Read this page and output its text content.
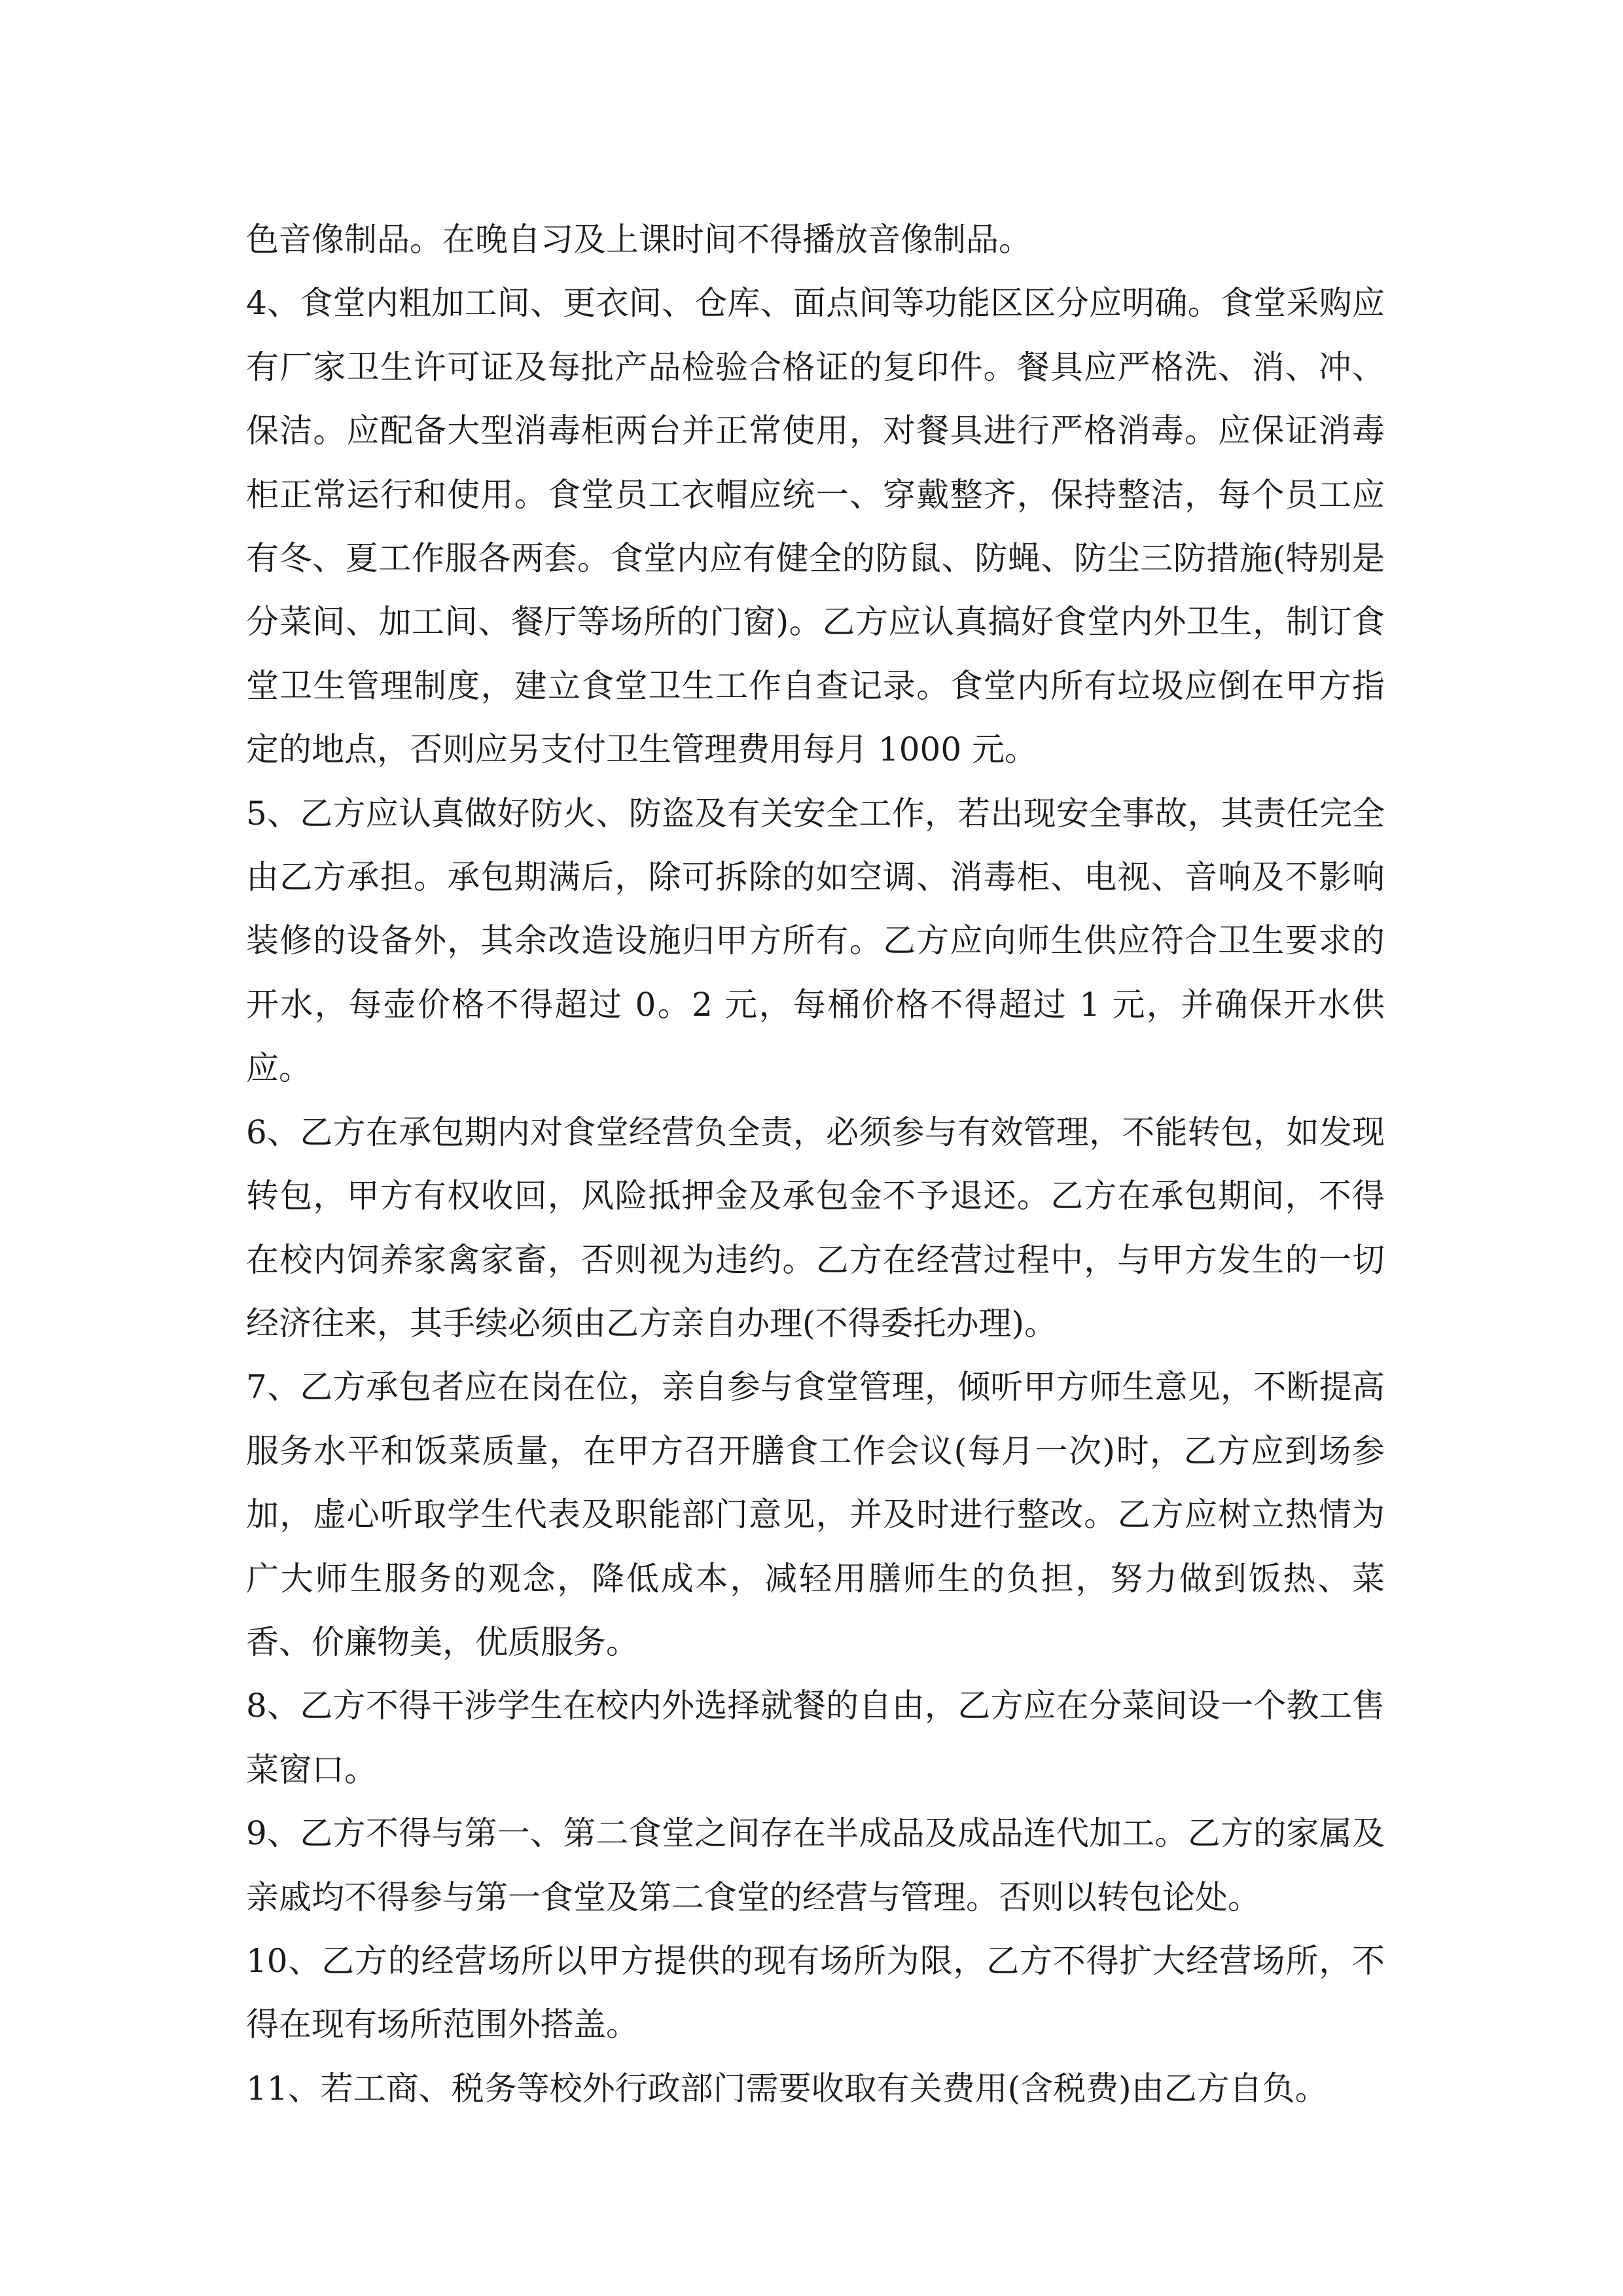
色音像制品。在晚自习及上课时间不得播放音像制品。

4、食堂内粗加工间、更衣间、仓库、面点间等功能区区分应明确。食堂采购应有厂家卫生许可证及每批产品检验合格证的复印件。餐具应严格洗、消、冲、保洁。应配备大型消毒柜两台并正常使用，对餐具进行严格消毒。应保证消毒柜正常运行和使用。食堂员工衣帽应统一、穿戴整齐，保持整洁，每个员工应有冬、夏工作服各两套。食堂内应有健全的防鼠、防蝇、防尘三防措施(特别是分菜间、加工间、餐厅等场所的门窗)。乙方应认真搞好食堂内外卫生，制订食堂卫生管理制度，建立食堂卫生工作自查记录。食堂内所有垃圾应倒在甲方指定的地点，否则应另支付卫生管理费用每月 1000 元。

5、乙方应认真做好防火、防盗及有关安全工作，若出现安全事故，其责任完全由乙方承担。承包期满后，除可拆除的如空调、消毒柜、电视、音响及不影响装修的设备外，其余改造设施归甲方所有。乙方应向师生供应符合卫生要求的开水，每壶价格不得超过 0。2 元，每桶价格不得超过 1 元，并确保开水供应。

6、乙方在承包期内对食堂经营负全责，必须参与有效管理，不能转包，如发现转包，甲方有权收回，风险抵押金及承包金不予退还。乙方在承包期间，不得在校内饲养家禽家畜，否则视为违约。乙方在经营过程中，与甲方发生的一切经济往来，其手续必须由乙方亲自办理(不得委托办理)。

7、乙方承包者应在岗在位，亲自参与食堂管理，倾听甲方师生意见，不断提高服务水平和饭菜质量，在甲方召开膳食工作会议(每月一次)时，乙方应到场参加，虚心听取学生代表及职能部门意见，并及时进行整改。乙方应树立热情为广大师生服务的观念，降低成本，减轻用膳师生的负担，努力做到饭热、菜香、价廉物美，优质服务。

8、乙方不得干涉学生在校内外选择就餐的自由，乙方应在分菜间设一个教工售菜窗口。

9、乙方不得与第一、第二食堂之间存在半成品及成品连代加工。乙方的家属及亲戚均不得参与第一食堂及第二食堂的经营与管理。否则以转包论处。

10、乙方的经营场所以甲方提供的现有场所为限，乙方不得扩大经营场所，不得在现有场所范围外搭盖。

11、若工商、税务等校外行政部门需要收取有关费用(含税费)由乙方自负。
